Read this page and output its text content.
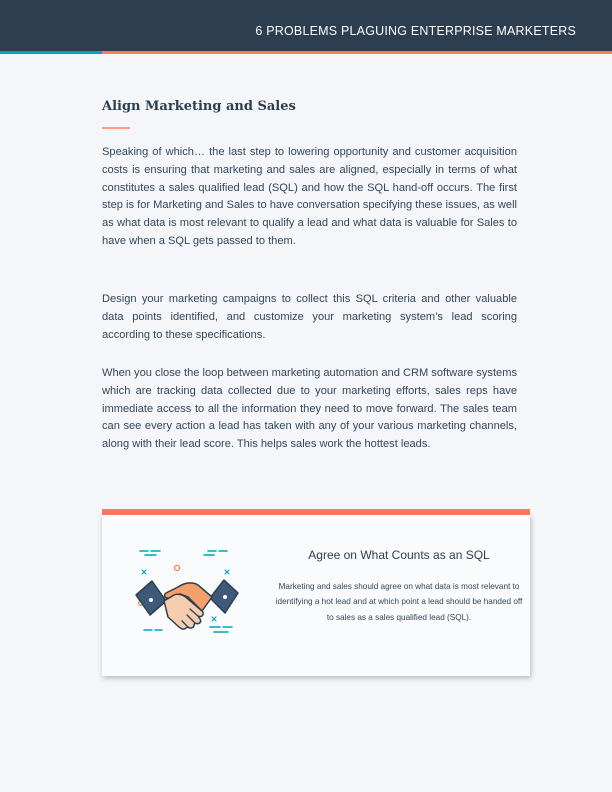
6 PROBLEMS PLAGUING ENTERPRISE MARKETERS
Align Marketing and Sales

Speaking of which… the last step to lowering opportunity and customer acquisition costs is ensuring that marketing and sales are aligned, especially in terms of what constitutes a sales qualified lead (SQL) and how the SQL hand-off occurs. The first step is for Marketing and Sales to have conversation specifying these issues, as well as what data is most relevant to qualify a lead and what data is valuable for Sales to have when a SQL gets passed to them.

Design your marketing campaigns to collect this SQL criteria and other valuable data points identified, and customize your marketing system’s lead scoring according to these specifications.

When you close the loop between marketing automation and CRM software systems which are tracking data collected due to your marketing efforts, sales reps have immediate access to all the information they need to move forward. The sales team can see every action a lead has taken with any of your various marketing channels, along with their lead score. This helps sales work the hottest leads.

Agree on What Counts as an SQL

Marketing and sales should agree on what data is most relevant to identifying a hot lead and at which point a lead should be handed off to sales as a sales qualified lead (SQL).
